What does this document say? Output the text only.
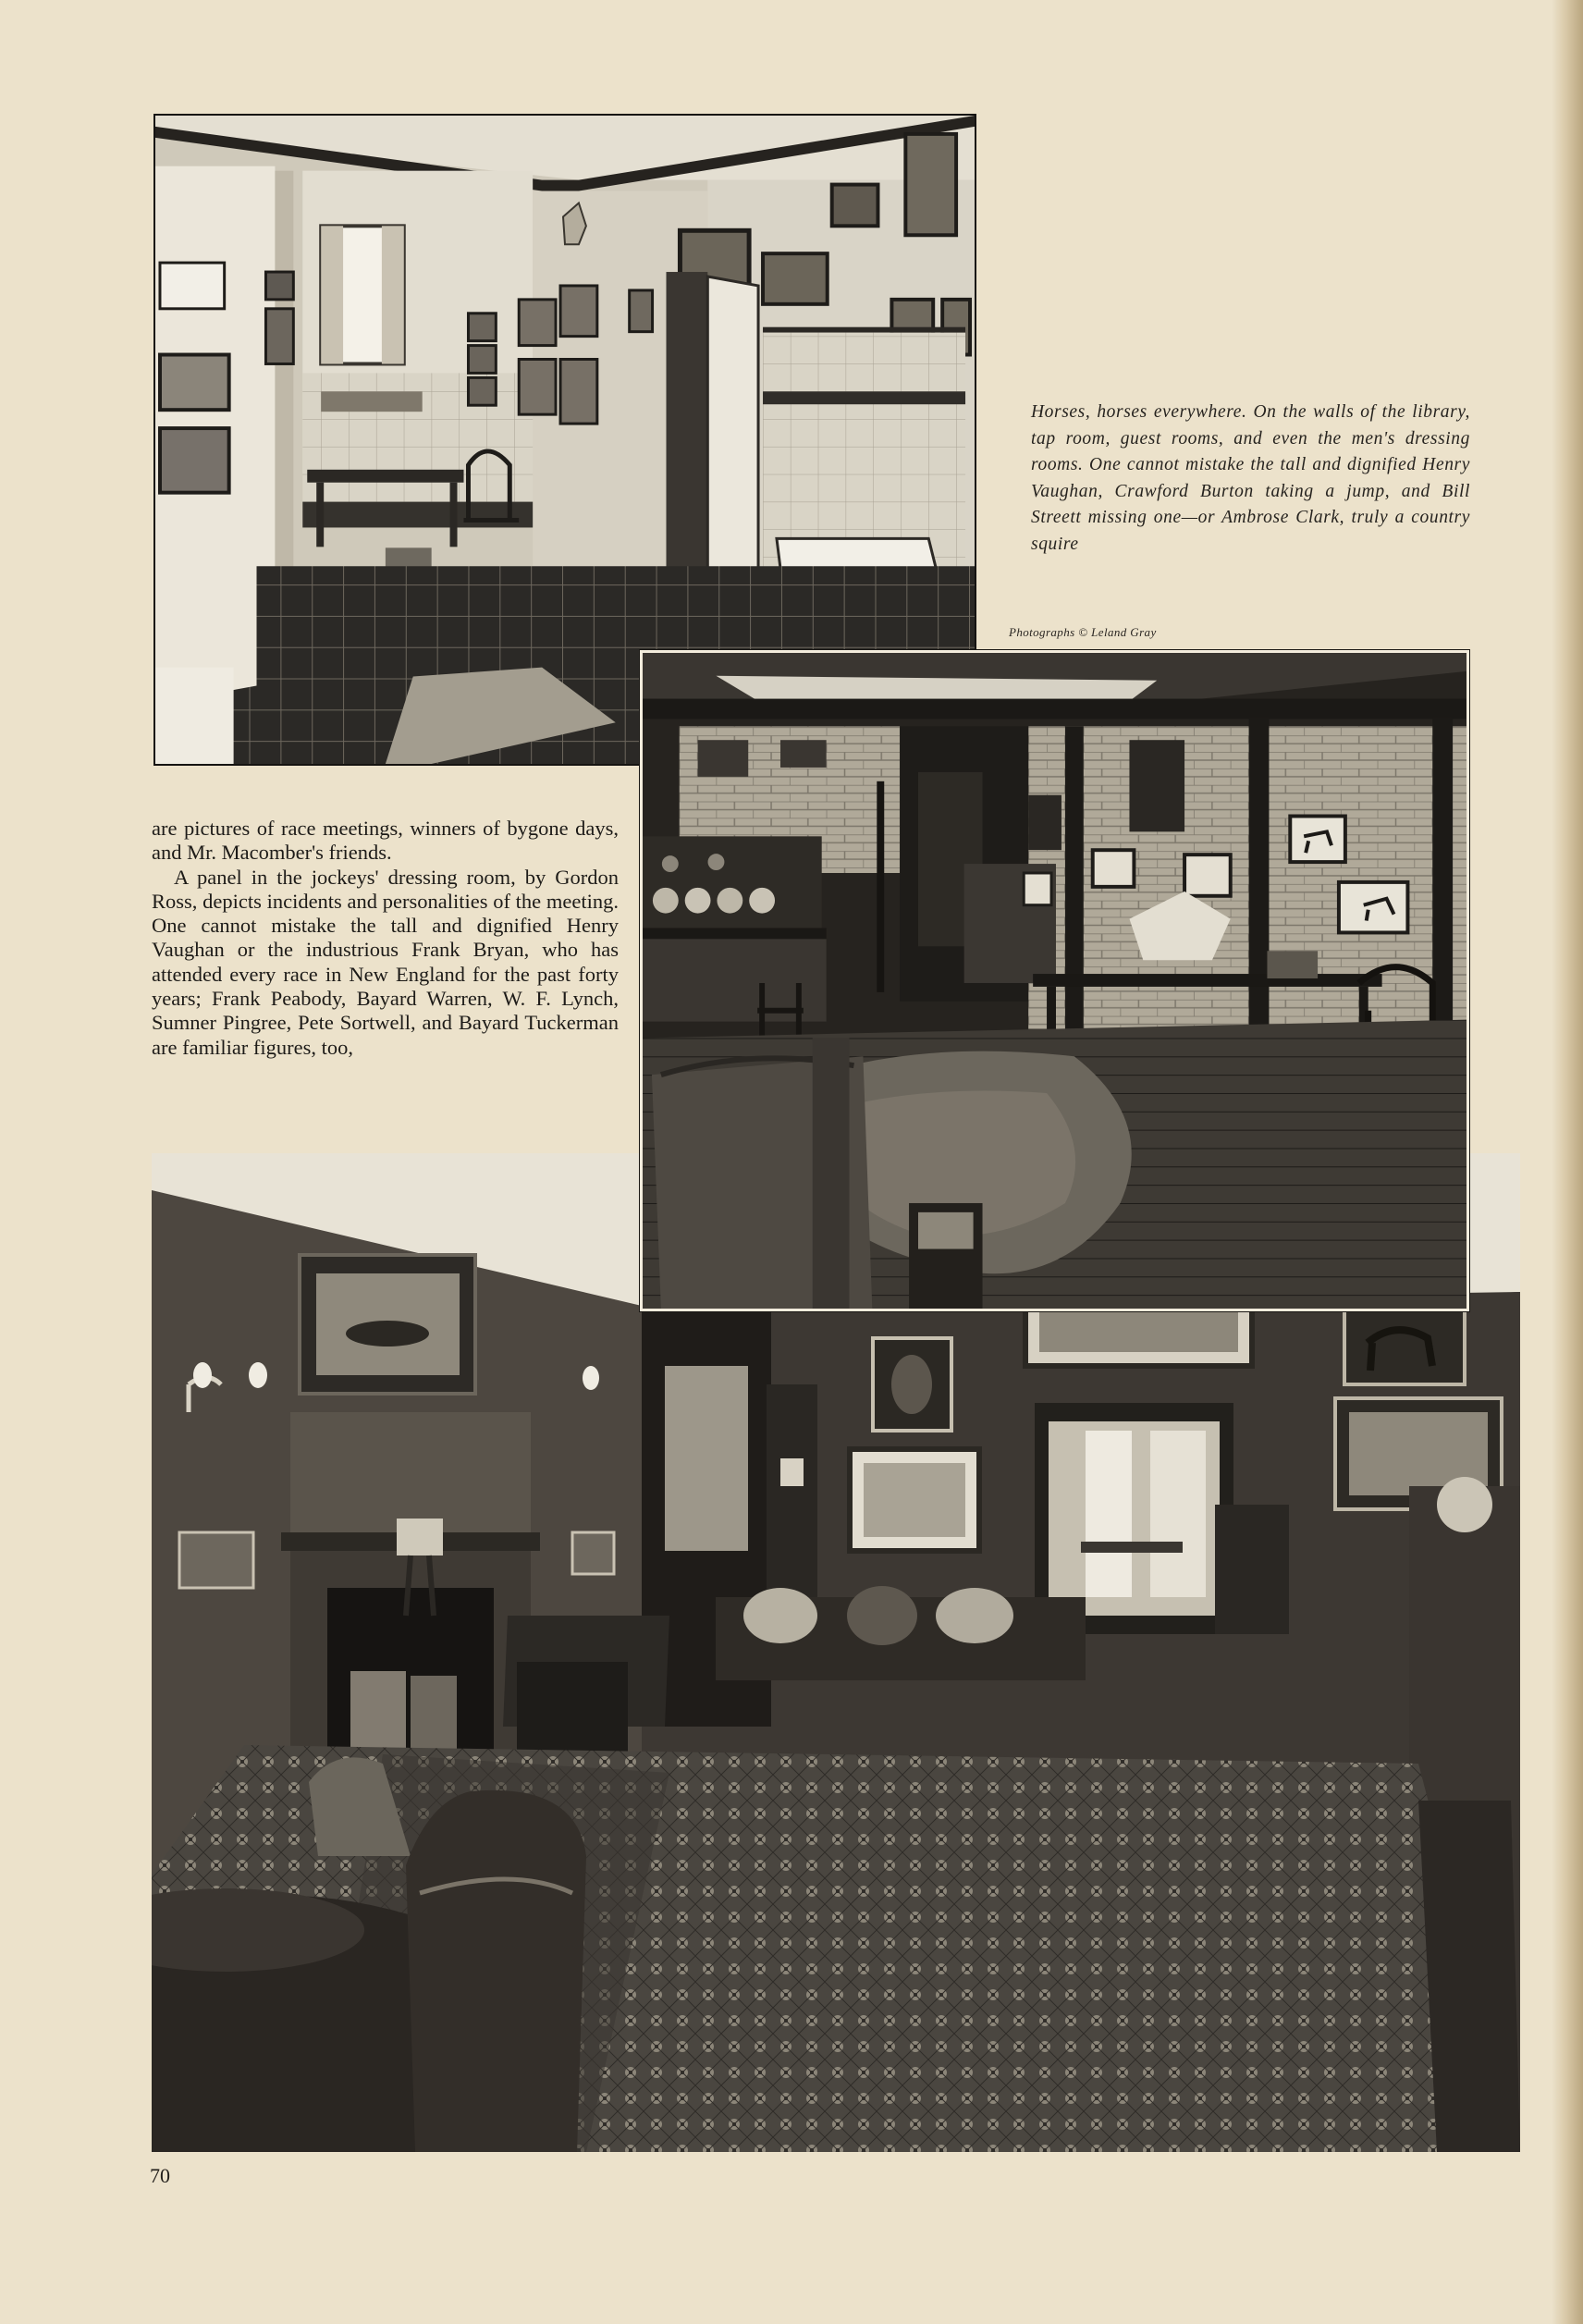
Horses, horses everywhere. On the walls of the library, tap room, guest rooms, and even the men's dressing rooms. One cannot mistake the tall and dignified Henry Vaughan, Crawford Burton taking a jump, and Bill Streett missing one—or Ambrose Clark, truly a country squire

Photographs © Leland Gray

are pictures of race meetings, winners of bygone days, and Mr. Macomber's friends.

A panel in the jockeys' dressing room, by Gordon Ross, depicts incidents and personalities of the meeting. One cannot mistake the tall and dignified Henry Vaughan or the industrious Frank Bryan, who has attended every race in New England for the past forty years; Frank Peabody, Bayard Warren, W. F. Lynch, Sumner Pingree, Pete Sortwell, and Bayard Tuckerman are familiar figures, too,

70
